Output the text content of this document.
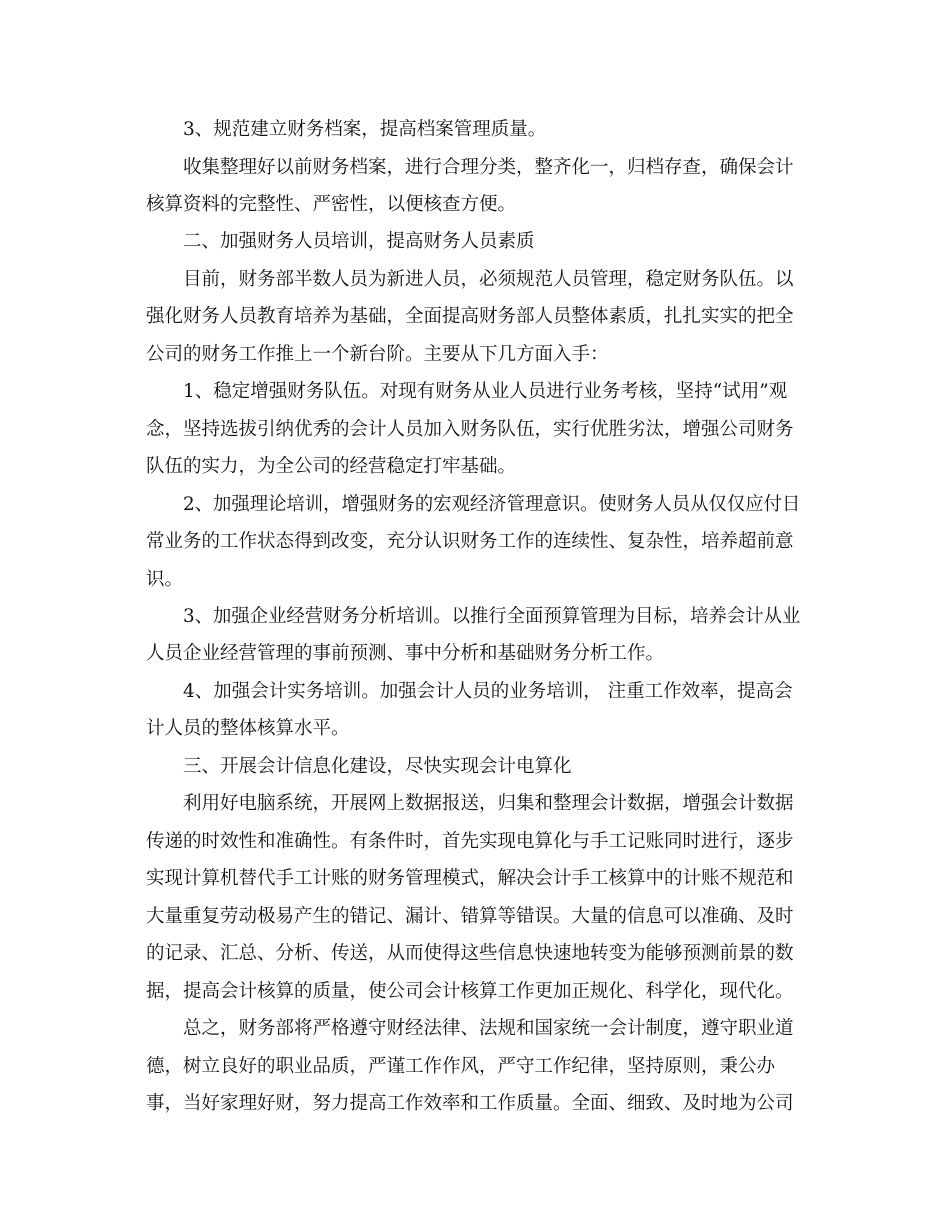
3、规范建立财务档案，提高档案管理质量。
收集整理好以前财务档案，进行合理分类，整齐化一，归档存查，确保会计
核算资料的完整性、严密性，以便核查方便。
二、加强财务人员培训，提高财务人员素质
目前，财务部半数人员为新进人员，必须规范人员管理，稳定财务队伍。以
强化财务人员教育培养为基础，全面提高财务部人员整体素质，扎扎实实的把全
公司的财务工作推上一个新台阶。主要从下几方面入手：
1、稳定增强财务队伍。对现有财务从业人员进行业务考核，坚持“试用”观
念，坚持选拔引纳优秀的会计人员加入财务队伍，实行优胜劣汰，增强公司财务
队伍的实力，为全公司的经营稳定打牢基础。
2、加强理论培训，增强财务的宏观经济管理意识。使财务人员从仅仅应付日
常业务的工作状态得到改变，充分认识财务工作的连续性、复杂性，培养超前意
识。
3、加强企业经营财务分析培训。以推行全面预算管理为目标，培养会计从业
人员企业经营管理的事前预测、事中分析和基础财务分析工作。
4、加强会计实务培训。加强会计人员的业务培训， 注重工作效率，提高会
计人员的整体核算水平。
三、开展会计信息化建设，尽快实现会计电算化
利用好电脑系统，开展网上数据报送，归集和整理会计数据，增强会计数据
传递的时效性和准确性。有条件时，首先实现电算化与手工记账同时进行，逐步
实现计算机替代手工计账的财务管理模式，解决会计手工核算中的计账不规范和
大量重复劳动极易产生的错记、漏计、错算等错误。大量的信息可以准确、及时
的记录、汇总、分析、传送，从而使得这些信息快速地转变为能够预测前景的数
据，提高会计核算的质量，使公司会计核算工作更加正规化、科学化，现代化。
总之，财务部将严格遵守财经法律、法规和国家统一会计制度，遵守职业道
德，树立良好的职业品质，严谨工作作风，严守工作纪律，坚持原则，秉公办
事，当好家理好财，努力提高工作效率和工作质量。全面、细致、及时地为公司
